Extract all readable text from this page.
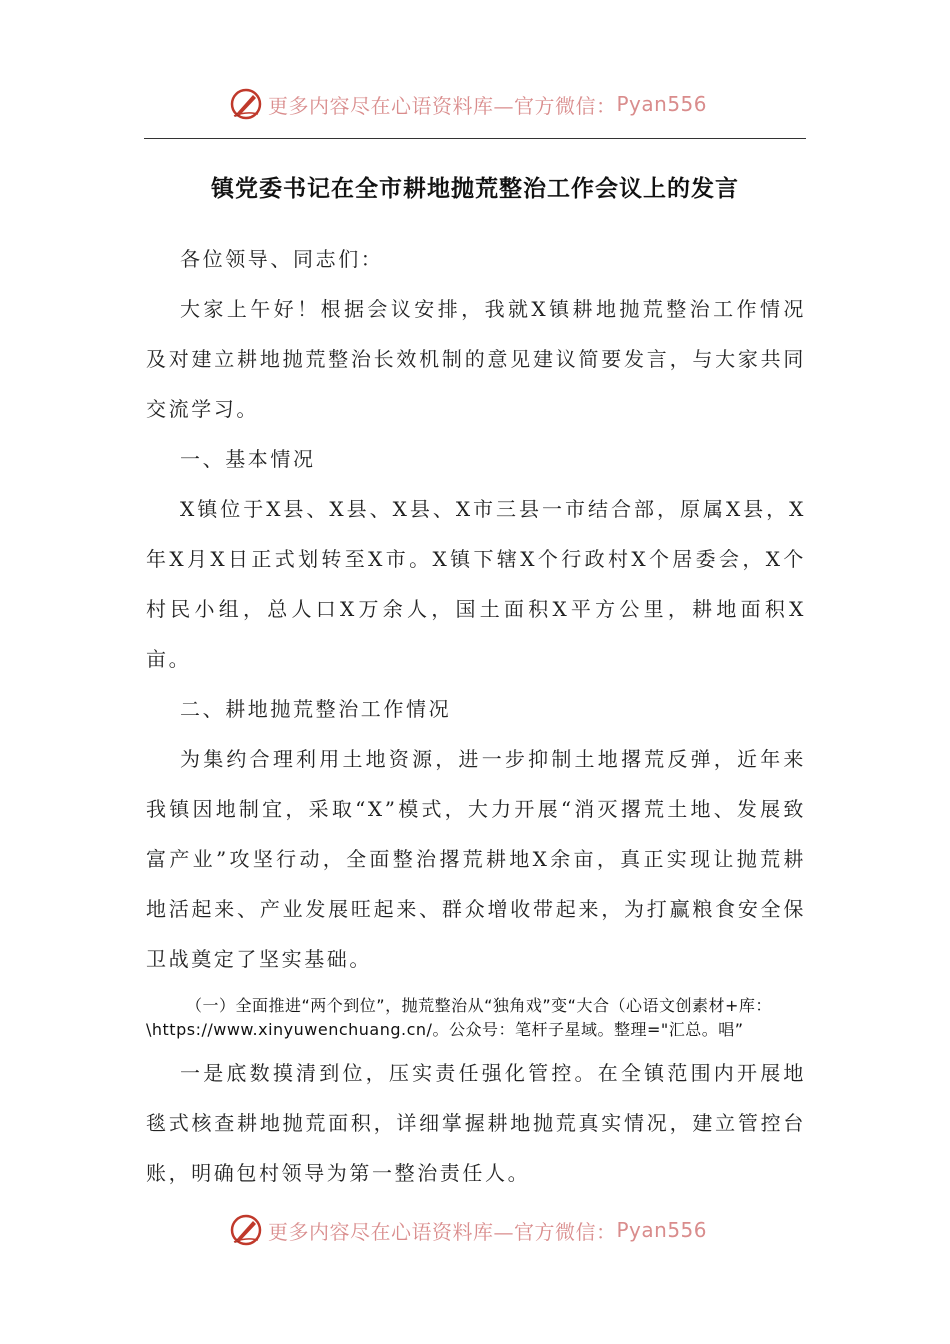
更多内容尽在心语资料库—官方微信： Pyan556
镇党委书记在全市耕地抛荒整治工作会议上的发言

各位领导、同志们：

大家上午好！根据会议安排，我就X镇耕地抛荒整治工作情况及对建立耕地抛荒整治长效机制的意见建议简要发言，与大家共同交流学习。

一、基本情况

X镇位于X县、X县、X县、X市三县一市结合部，原属X县，X年X月X日正式划转至X市。X镇下辖X个行政村X个居委会，X个村民小组，总人口X万余人，国土面积X平方公里，耕地面积X亩。

二、耕地抛荒整治工作情况

为集约合理利用土地资源，进一步抑制土地撂荒反弹，近年来我镇因地制宜，采取“X”模式，大力开展“消灭撂荒土地、发展致富产业”攻坚行动，全面整治撂荒耕地X余亩，真正实现让抛荒耕地活起来、产业发展旺起来、群众增收带起来，为打赢粮食安全保卫战奠定了坚实基础。

（一）全面推进“两个到位”，抛荒整治从“独角戏”变“大合（心语文创素材+库：\https://www.xinyuwenchuang.cn/。公众号：笔杆子星域。整理="汇总。唱”

一是底数摸清到位，压实责任强化管控。在全镇范围内开展地毯式核查耕地抛荒面积，详细掌握耕地抛荒真实情况，建立管控台账，明确包村领导为第一整治责任人。

更多内容尽在心语资料库—官方微信： Pyan556
